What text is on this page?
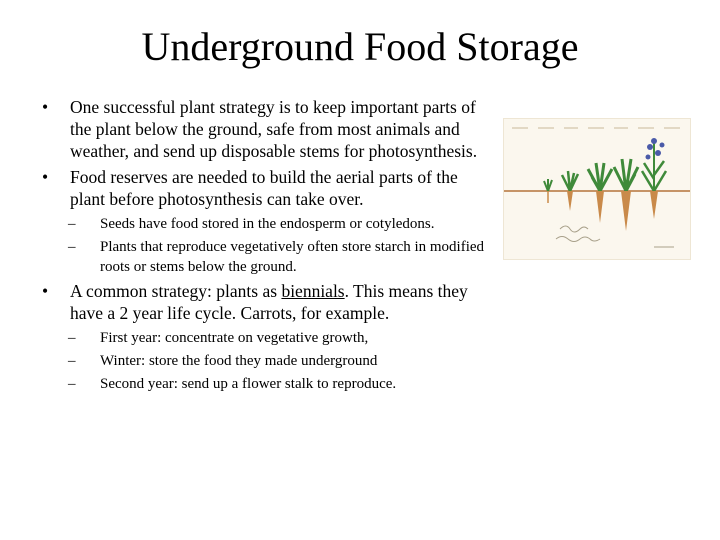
Underground Food Storage
• One successful plant strategy is to keep important parts of the plant below the ground, safe from most animals and weather, and send up disposable stems for photosynthesis.
• Food reserves are needed to build the aerial parts of the plant before photosynthesis can take over.
– Seeds have food stored in the endosperm or cotyledons.
– Plants that reproduce vegetatively often store starch in modified roots or stems below the ground.
• A common strategy: plants as biennials. This means they have a 2 year life cycle. Carrots, for example.
– First year: concentrate on vegetative growth,
– Winter: store the food they made underground
– Second year: send up a flower stalk to reproduce.
